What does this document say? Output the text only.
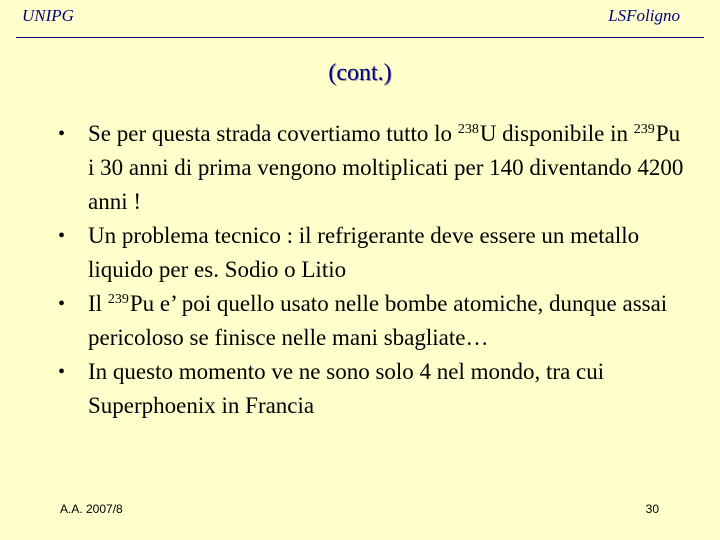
UNIPG	LSFoligno
(cont.)
• Se per questa strada covertiamo tutto lo $^{238}$U disponibile in $^{239}$Pu i 30 anni di prima vengono moltiplicati per 140 diventando 4200 anni !
• Un problema tecnico : il refrigerante deve essere un metallo liquido per es. Sodio o Litio
• Il $^{239}$Pu e’ poi quello usato nelle bombe atomiche, dunque assai pericoloso se finisce nelle mani sbagliate…
• In questo momento ve ne sono solo 4 nel mondo, tra cui Superphoenix in Francia
A.A. 2007/8	30
